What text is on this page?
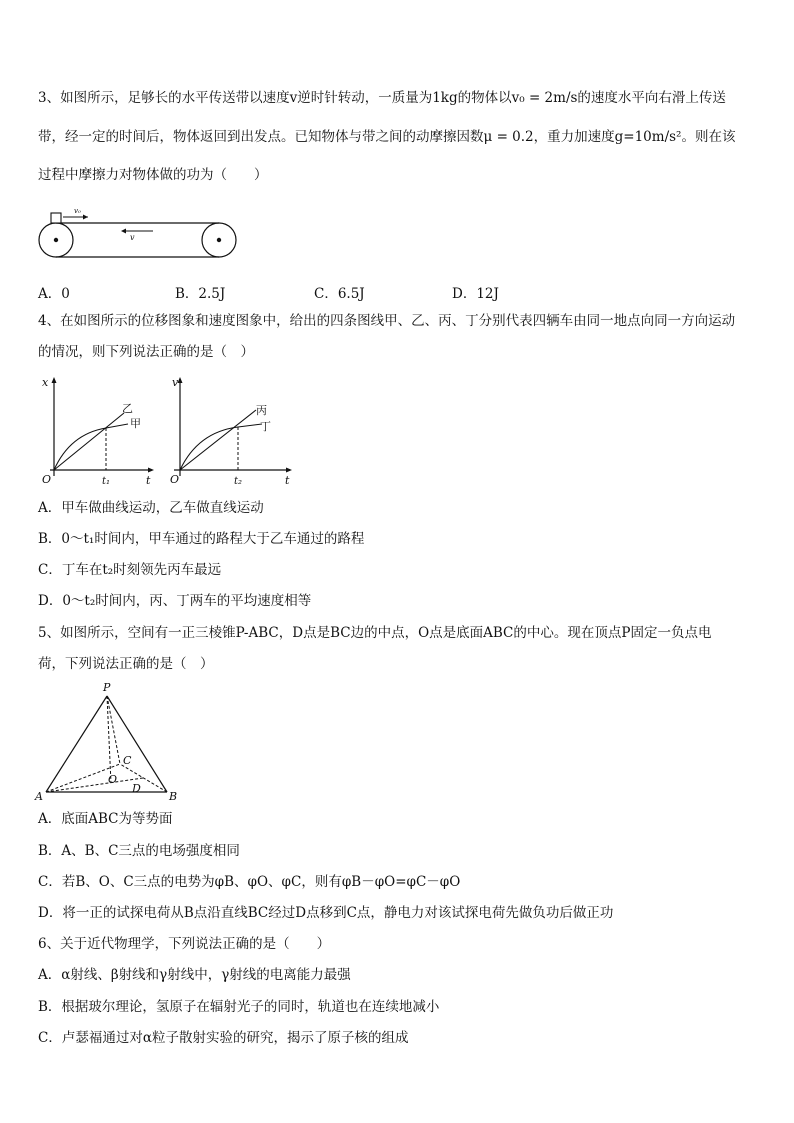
3、如图所示，足够长的水平传送带以速度v逆时针转动，一质量为1kg的物体以v₀ = 2m/s的速度水平向右滑上传送
带，经一定的时间后，物体返回到出发点。已知物体与带之间的动摩擦因数μ = 0.2，重力加速度g=10m/s²。则在该
过程中摩擦力对物体做的功为（　　）
v₀
v
A．0	B．2.5J	C．6.5J	D．12J
4、在如图所示的位移图象和速度图象中，给出的四条图线甲、乙、丙、丁分别代表四辆车由同一地点向同一方向运动
的情况，则下列说法正确的是（　）
x
t
O	t₁
乙
甲
v
t
O	t₂
丙
丁
A．甲车做曲线运动，乙车做直线运动
B．0～t₁时间内，甲车通过的路程大于乙车通过的路程
C．丁车在t₂时刻领先丙车最远
D．0～t₂时间内，丙、丁两车的平均速度相等
5、如图所示，空间有一正三棱锥P-ABC，D点是BC边的中点，O点是底面ABC的中心。现在顶点P固定一负点电
荷，下列说法正确的是（　）
P
A	B
C
O
D
A．底面ABC为等势面
B．A、B、C三点的电场强度相同
C．若B、O、C三点的电势为φB、φO、φC，则有φB－φO=φC－φO
D．将一正的试探电荷从B点沿直线BC经过D点移到C点，静电力对该试探电荷先做负功后做正功
6、关于近代物理学，下列说法正确的是（　　）
A．α射线、β射线和γ射线中，γ射线的电离能力最强
B．根据玻尔理论，氢原子在辐射光子的同时，轨道也在连续地减小
C．卢瑟福通过对α粒子散射实验的研究，揭示了原子核的组成
